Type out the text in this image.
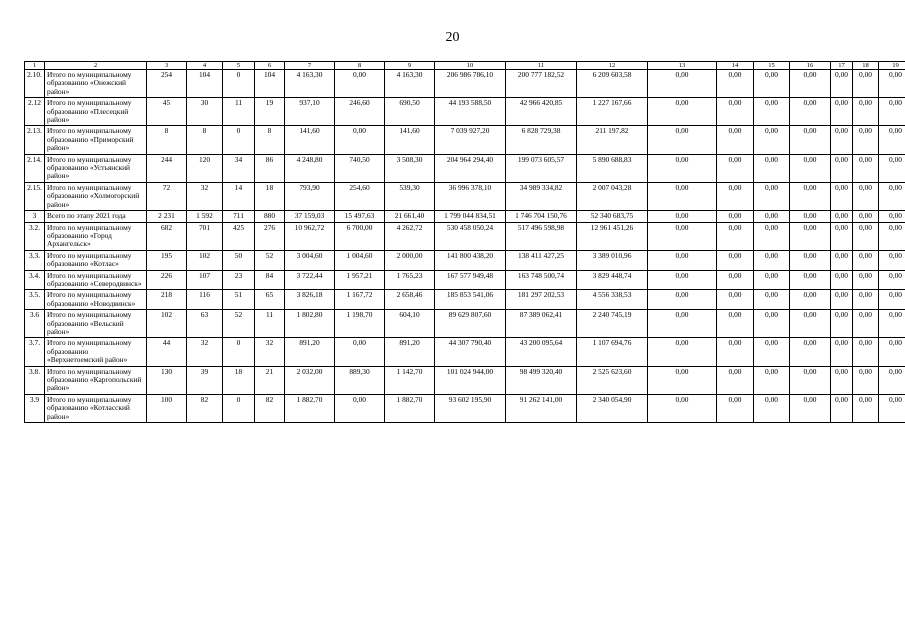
20
1	2	3	4	5	6	7	8	9	10	11	12	13	14	15	16	17	18	19
2.10.	Итого по муниципальному образованию «Онежский район»	254	104	0	104	4 163,30	0,00	4 163,30	206 986 786,10	200 777 182,52	6 209 603,58	0,00	0,00	0,00	0,00	0,00	0,00	0,00
2.12	Итого по муниципальному образованию «Плесецкий район»	45	30	11	19	937,10	246,60	690,50	44 193 588,50	42 966 420,85	1 227 167,66	0,00	0,00	0,00	0,00	0,00	0,00	0,00
2.13.	Итого по муниципальному образованию «Приморский район»	8	8	0	8	141,60	0,00	141,60	7 039 927,20	6 828 729,38	211 197,82	0,00	0,00	0,00	0,00	0,00	0,00	0,00
2.14.	Итого по муниципальному образованию «Устьянский район»	244	120	34	86	4 248,80	740,50	3 508,30	204 964 294,40	199 073 605,57	5 890 688,83	0,00	0,00	0,00	0,00	0,00	0,00	0,00
2.15.	Итого по муниципальному образованию «Холмогорский район»	72	32	14	18	793,90	254,60	539,30	36 996 378,10	34 989 334,82	2 007 043,28	0,00	0,00	0,00	0,00	0,00	0,00	0,00
3	Всего по этапу 2021 года	2 231	1 592	711	880	37 159,03	15 497,63	21 661,40	1 799 044 834,51	1 746 704 150,76	52 340 683,75	0,00	0,00	0,00	0,00	0,00	0,00	0,00
3.2.	Итого по муниципальному образованию «Город Архангельск»	682	701	425	276	10 962,72	6 700,00	4 262,72	530 458 050,24	517 496 598,98	12 961 451,26	0,00	0,00	0,00	0,00	0,00	0,00	0,00
3.3.	Итого по муниципальному образованию «Котлас»	195	102	50	52	3 004,60	1 004,60	2 000,00	141 800 438,20	138 411 427,25	3 389 010,96	0,00	0,00	0,00	0,00	0,00	0,00	0,00
3.4.	Итого по муниципальному образованию «Северодвинск»	226	107	23	84	3 722,44	1 957,21	1 765,23	167 577 949,48	163 748 500,74	3 829 448,74	0,00	0,00	0,00	0,00	0,00	0,00	0,00
3.5.	Итого по муниципальному образованию «Новодвинск»	218	116	51	65	3 826,18	1 167,72	2 658,46	185 853 541,06	181 297 202,53	4 556 338,53	0,00	0,00	0,00	0,00	0,00	0,00	0,00
3.6	Итого по муниципальному образованию «Вельский район»	102	63	52	11	1 802,80	1 198,70	604,10	89 629 807,60	87 389 062,41	2 240 745,19	0,00	0,00	0,00	0,00	0,00	0,00	0,00
3.7.	Итого по муниципальному образованию «Верхнетоемский район»	44	32	0	32	891,20	0,00	891,20	44 307 790,40	43 200 095,64	1 107 694,76	0,00	0,00	0,00	0,00	0,00	0,00	0,00
3.8.	Итого по муниципальному образованию «Каргопольский район»	130	39	18	21	2 032,00	889,30	1 142,70	101 024 944,00	98 499 320,40	2 525 623,60	0,00	0,00	0,00	0,00	0,00	0,00	0,00
3.9	Итого по муниципальному образованию «Котласский район»	100	82	0	82	1 882,70	0,00	1 882,70	93 602 195,90	91 262 141,00	2 340 054,90	0,00	0,00	0,00	0,00	0,00	0,00	0,00
